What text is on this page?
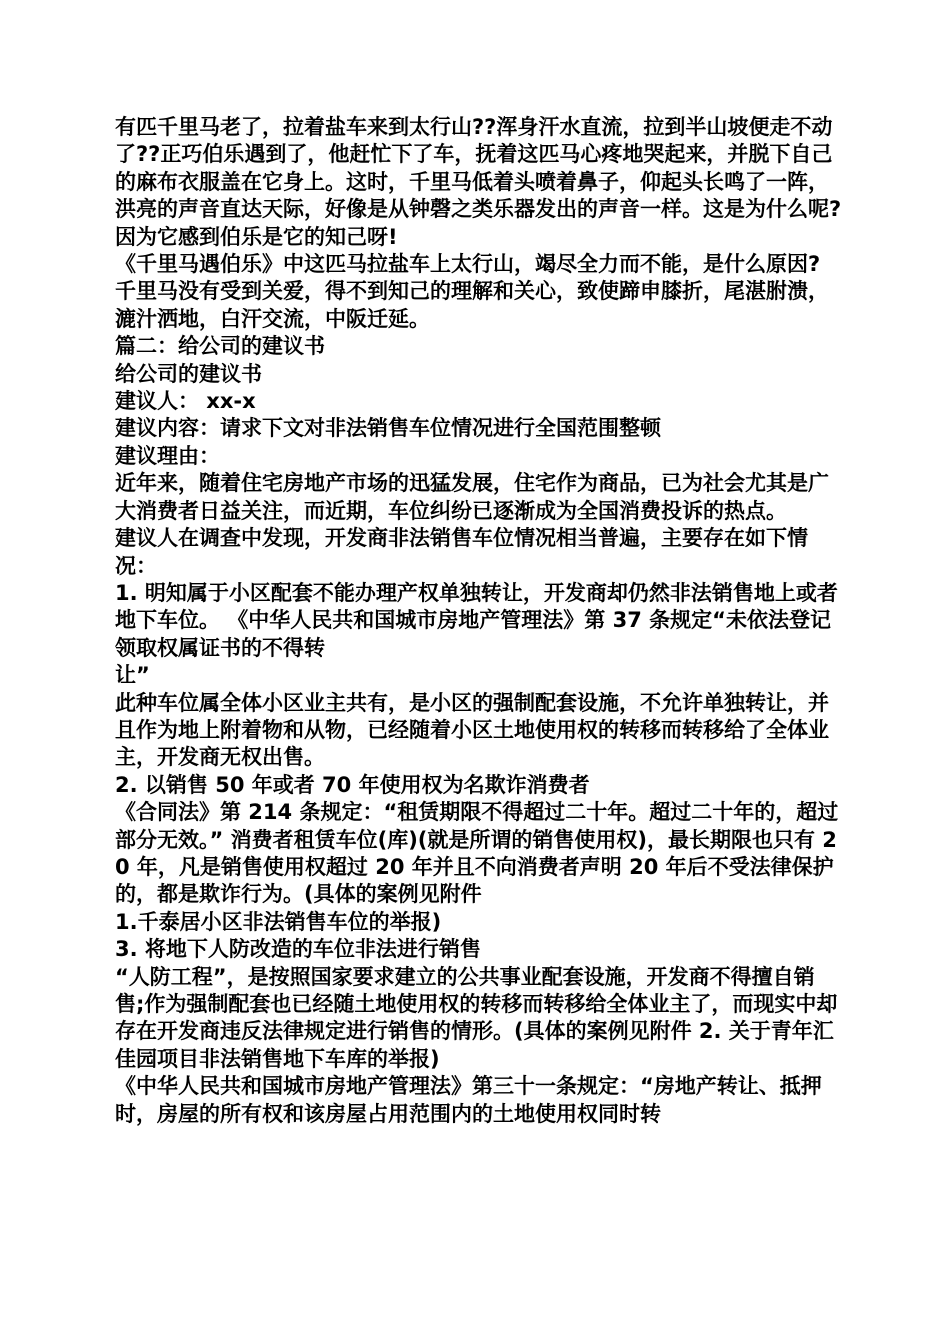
有匹千里马老了，拉着盐车来到太行山??浑身汗水直流，拉到半山坡便走不动了??正巧伯乐遇到了，他赶忙下了车，抚着这匹马心疼地哭起来，并脱下自己的麻布衣服盖在它身上。这时，千里马低着头喷着鼻子，仰起头长鸣了一阵，洪亮的声音直达天际，好像是从钟磬之类乐器发出的声音一样。这是为什么呢?因为它感到伯乐是它的知己呀!

《千里马遇伯乐》中这匹马拉盐车上太行山，竭尽全力而不能，是什么原因?

千里马没有受到关爱，得不到知己的理解和关心，致使蹄申膝折，尾湛胕溃，漉汁洒地，白汗交流，中阪迁延。

篇二：给公司的建议书

给公司的建议书

建议人： xx-x

建议内容：请求下文对非法销售车位情况进行全国范围整顿

建议理由：

近年来，随着住宅房地产市场的迅猛发展，住宅作为商品，已为社会尤其是广大消费者日益关注，而近期，车位纠纷已逐渐成为全国消费投诉的热点。

建议人在调查中发现，开发商非法销售车位情况相当普遍，主要存在如下情况：

1. 明知属于小区配套不能办理产权单独转让，开发商却仍然非法销售地上或者地下车位。 《中华人民共和国城市房地产管理法》第 37 条规定“未依法登记领取权属证书的不得转

让”

此种车位属全体小区业主共有，是小区的强制配套设施，不允许单独转让，并且作为地上附着物和从物，已经随着小区土地使用权的转移而转移给了全体业主，开发商无权出售。

2. 以销售 50 年或者 70 年使用权为名欺诈消费者

《合同法》第 214 条规定：“租赁期限不得超过二十年。超过二十年的，超过部分无效。” 消费者租赁车位(库)(就是所谓的销售使用权)，最长期限也只有 20 年，凡是销售使用权超过 20 年并且不向消费者声明 20 年后不受法律保护的，都是欺诈行为。(具体的案例见附件

1.千泰居小区非法销售车位的举报)

3. 将地下人防改造的车位非法进行销售

“人防工程”，是按照国家要求建立的公共事业配套设施，开发商不得擅自销售;作为强制配套也已经随土地使用权的转移而转移给全体业主了，而现实中却存在开发商违反法律规定进行销售的情形。(具体的案例见附件 2. 关于青年汇佳园项目非法销售地下车库的举报)

《中华人民共和国城市房地产管理法》第三十一条规定：“房地产转让、抵押时，房屋的所有权和该房屋占用范围内的土地使用权同时转
